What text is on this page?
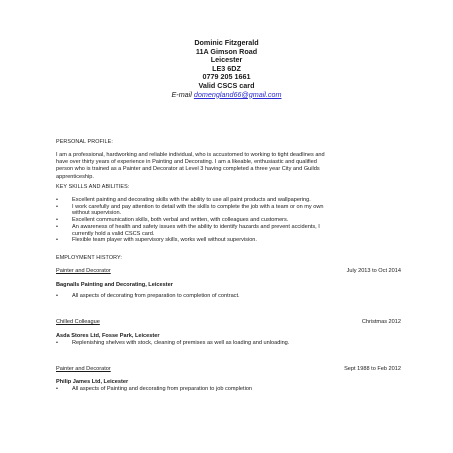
Dominic Fitzgerald
11A Gimson Road
Leicester
LE3 6DZ
0779 205 1661
Valid CSCS card
E-mail domengland66@gmail.com
PERSONAL PROFILE:
I am a professional, hardworking and reliable individual, who is accustomed to working to tight deadlines and
have over thirty years of experience in Painting and Decorating. I am a likeable, enthusiastic and qualified
person who is trained as a Painter and Decorator at Level 3 having completed a three year City and Guilds
apprenticeship.
KEY SKILLS AND ABILITIES:
•	Excellent painting and decorating skills with the ability to use all paint products and wallpapering.
•	I work carefully and pay attention to detail with the skills to complete the job with a team or on my own
without supervision.
•	Excellent communication skills, both verbal and written, with colleagues and customers.
•	An awareness of health and safety issues with the ability to identify hazards and prevent accidents, I
currently hold a valid CSCS card.
•	Flexible team player with supervisory skills, works well without supervision.
EMPLOYMENT HISTORY:
Painter and Decorator	July 2013 to Oct 2014
Bagnalls Painting and Decorating, Leicester
•	All aspects of decorating from preparation to completion of contract.
Chilled Colleague	Christmas 2012
Asda Stores Ltd, Fosse Park, Leicester
•	Replenishing shelves with stock, cleaning of premises as well as loading and unloading.
Painter and Decorator	Sept 1988 to Feb 2012
Philip James Ltd, Leicester
•	All aspects of Painting and decorating from preparation to job completion
